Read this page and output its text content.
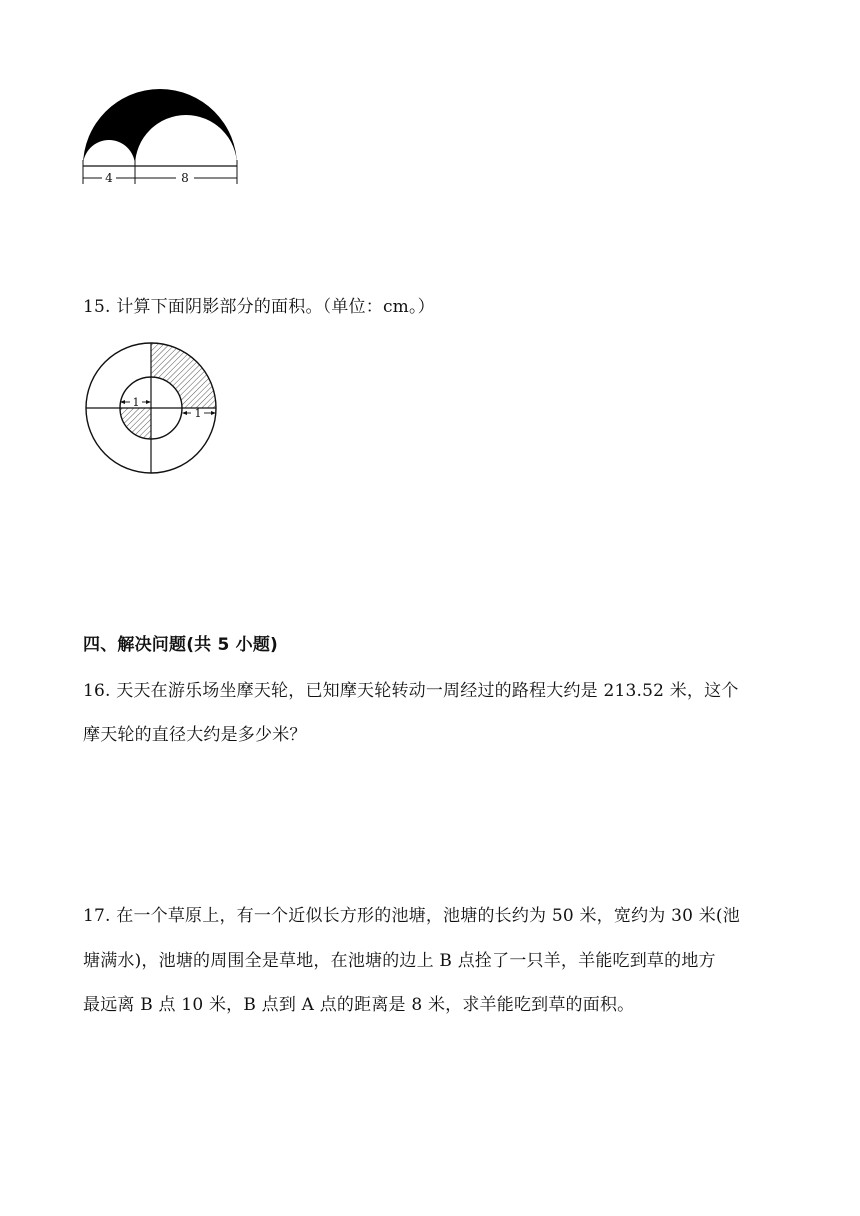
4	8
15. 计算下面阴影部分的面积。（单位：cm。）
1
1
四、解决问题(共 5 小题)
16. 天天在游乐场坐摩天轮，已知摩天轮转动一周经过的路程大约是 213.52 米，这个
摩天轮的直径大约是多少米？
17. 在一个草原上，有一个近似长方形的池塘，池塘的长约为 50 米，宽约为 30 米(池
塘满水)，池塘的周围全是草地，在池塘的边上 B 点拴了一只羊，羊能吃到草的地方
最远离 B 点 10 米，B 点到 A 点的距离是 8 米，求羊能吃到草的面积。
